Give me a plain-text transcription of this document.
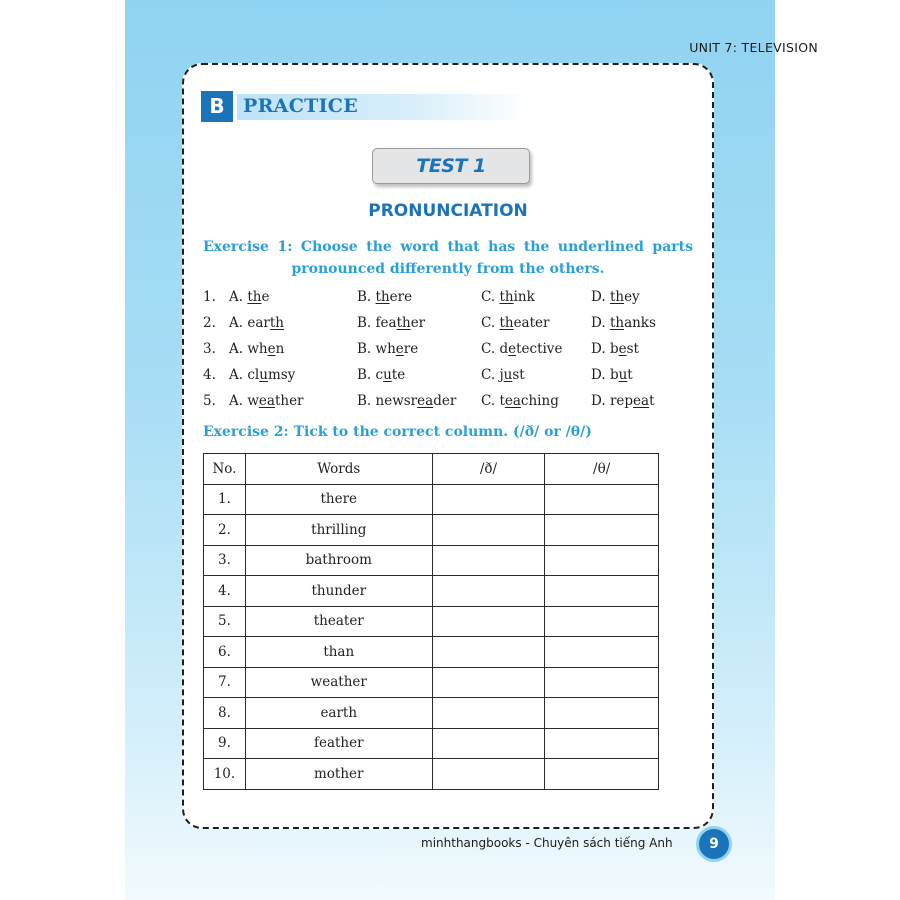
UNIT 7: TELEVISION
B PRACTICE
TEST 1
PRONUNCIATION
Exercise 1: Choose the word that has the underlined parts
pronounced differently from the others.
1. A. the	B. there	C. think	D. they
2. A. earth	B. feather	C. theater	D. thanks
3. A. when	B. where	C. detective D. best
4. A. clumsy	B. cute	C. just	D. but
5. A. weather	B. newsreader C. teaching D. repeat
Exercise 2: Tick to the correct column. (/ð/ or /θ/)
No.	Words	/ð/	/θ/
1.	there		
2.	thrilling		
3.	bathroom		
4.	thunder		
5.	theater		
6.	than		
7.	weather		
8.	earth		
9.	feather		
10.	mother		
minhthangbooks - Chuyên sách tiếng Anh	9
